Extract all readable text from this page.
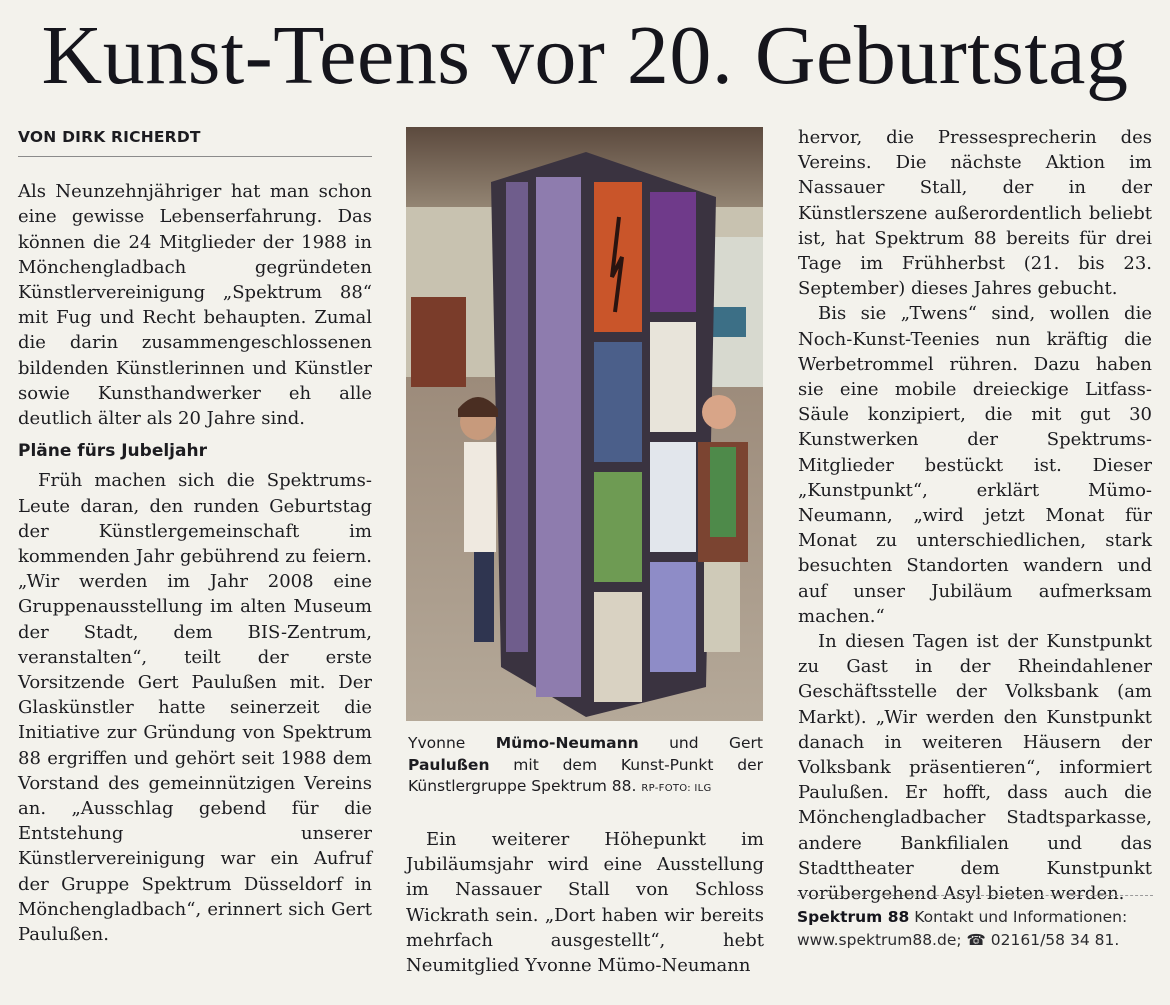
Kunst-Teens vor 20. Geburtstag
VON DIRK RICHERDT

Als Neunzehnjähriger hat man schon eine gewisse Lebenserfahrung. Das können die 24 Mitglieder der 1988 in Mönchengladbach gegründeten Künstlervereinigung „Spektrum 88“ mit Fug und Recht behaupten. Zumal die darin zusammengeschlossenen bildenden Künstlerinnen und Künstler sowie Kunsthandwerker eh alle deutlich älter als 20 Jahre sind.

Pläne fürs Jubeljahr

Früh machen sich die Spektrums-Leute daran, den runden Geburtstag der Künstlergemeinschaft im kommenden Jahr gebührend zu feiern. „Wir werden im Jahr 2008 eine Gruppenausstellung im alten Museum der Stadt, dem BIS-Zentrum, veranstalten“, teilt der erste Vorsitzende Gert Paulußen mit. Der Glaskünstler hatte seinerzeit die Initiative zur Gründung von Spektrum 88 ergriffen und gehört seit 1988 dem Vorstand des gemeinnützigen Vereins an. „Ausschlag gebend für die Entstehung unserer Künstlervereinigung war ein Aufruf der Gruppe Spektrum Düsseldorf in Mönchengladbach“, erinnert sich Gert Paulußen.

Yvonne Mümo-Neumann und Gert Paulußen mit dem Kunst-Punkt der Künstlergruppe Spektrum 88. RP-FOTO: ILG

Ein weiterer Höhepunkt im Jubiläumsjahr wird eine Ausstellung im Nassauer Stall von Schloss Wickrath sein. „Dort haben wir bereits mehrfach ausgestellt“, hebt Neumitglied Yvonne Mümo-Neumann

hervor, die Pressesprecherin des Vereins. Die nächste Aktion im Nassauer Stall, der in der Künstlerszene außerordentlich beliebt ist, hat Spektrum 88 bereits für drei Tage im Frühherbst (21. bis 23. September) dieses Jahres gebucht.

Bis sie „Twens“ sind, wollen die Noch-Kunst-Teenies nun kräftig die Werbetrommel rühren. Dazu haben sie eine mobile dreieckige Litfass-Säule konzipiert, die mit gut 30 Kunstwerken der Spektrums-Mitglieder bestückt ist. Dieser „Kunstpunkt“, erklärt Mümo-Neumann, „wird jetzt Monat für Monat zu unterschiedlichen, stark besuchten Standorten wandern und auf unser Jubiläum aufmerksam machen.“

In diesen Tagen ist der Kunstpunkt zu Gast in der Rheindahlener Geschäftsstelle der Volksbank (am Markt). „Wir werden den Kunstpunkt danach in weiteren Häusern der Volksbank präsentieren“, informiert Paulußen. Er hofft, dass auch die Mönchengladbacher Stadtsparkasse, andere Bankfilialen und das Stadttheater dem Kunstpunkt vorübergehend Asyl bieten werden.

Spektrum 88 Kontakt und Informationen: www.spektrum88.de; ☎ 02161/58 34 81.
